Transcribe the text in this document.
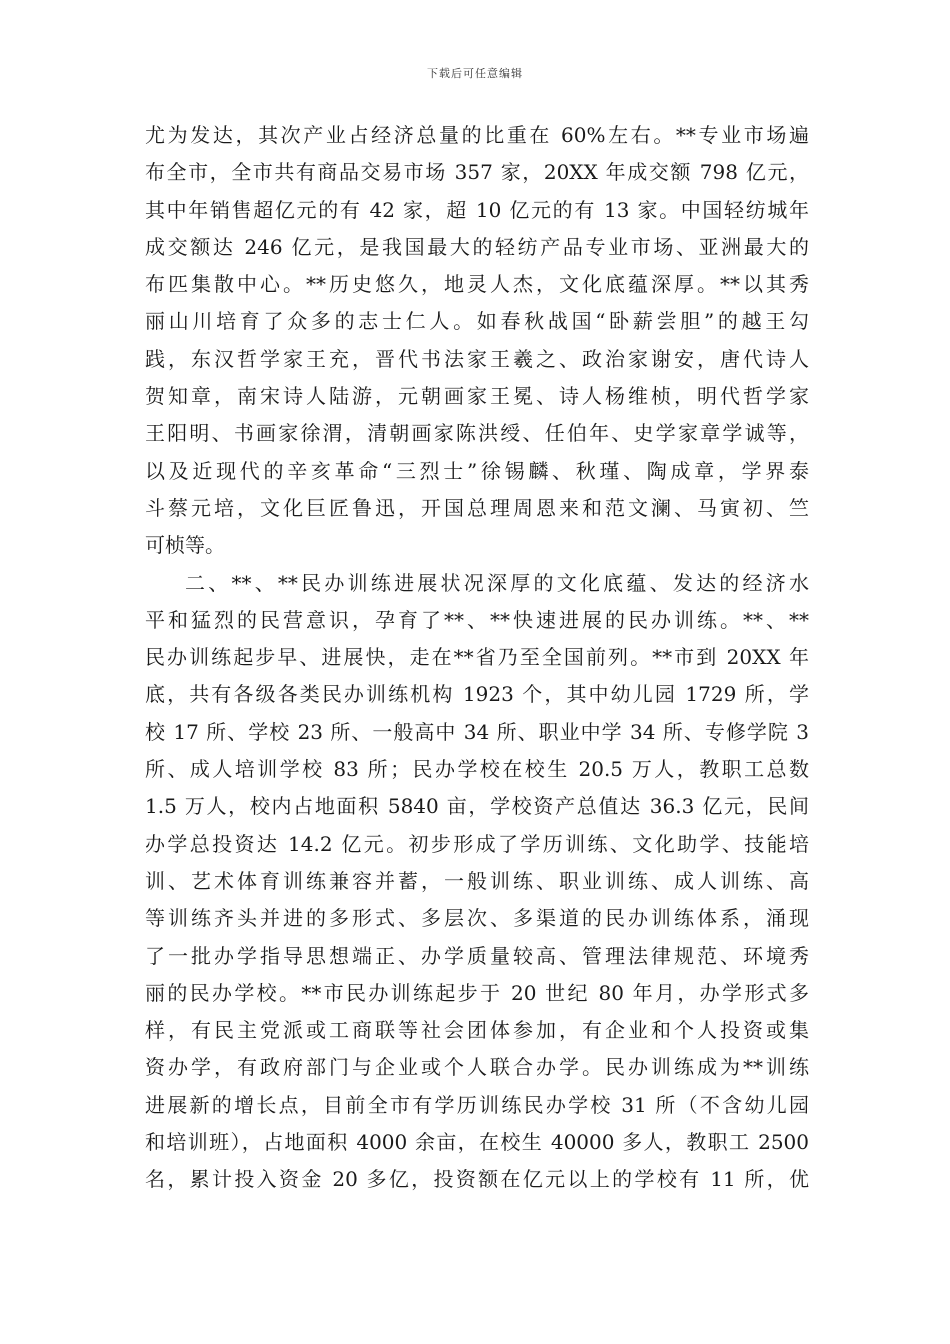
下载后可任意编辑
尤为发达，其次产业占经济总量的比重在 60%左右。**专业市场遍
布全市，全市共有商品交易市场 357 家，20XX 年成交额 798 亿元，
其中年销售超亿元的有 42 家，超 10 亿元的有 13 家。中国轻纺城年
成交额达 246 亿元，是我国最大的轻纺产品专业市场、亚洲最大的
布匹集散中心。**历史悠久，地灵人杰，文化底蕴深厚。**以其秀
丽山川培育了众多的志士仁人。如春秋战国“卧薪尝胆”的越王勾
践，东汉哲学家王充，晋代书法家王羲之、政治家谢安，唐代诗人
贺知章，南宋诗人陆游，元朝画家王冕、诗人杨维桢，明代哲学家
王阳明、书画家徐渭，清朝画家陈洪绶、任伯年、史学家章学诚等，
以及近现代的辛亥革命“三烈士”徐锡麟、秋瑾、陶成章，学界泰
斗蔡元培，文化巨匠鲁迅，开国总理周恩来和范文澜、马寅初、竺
可桢等。
二、**、**民办训练进展状况深厚的文化底蕴、发达的经济水
平和猛烈的民营意识，孕育了**、**快速进展的民办训练。**、**
民办训练起步早、进展快，走在**省乃至全国前列。**市到 20XX 年
底，共有各级各类民办训练机构 1923 个，其中幼儿园 1729 所，学
校 17 所、学校 23 所、一般高中 34 所、职业中学 34 所、专修学院 3
所、成人培训学校 83 所；民办学校在校生 20.5 万人，教职工总数
1.5 万人，校内占地面积 5840 亩，学校资产总值达 36.3 亿元，民间
办学总投资达 14.2 亿元。初步形成了学历训练、文化助学、技能培
训、艺术体育训练兼容并蓄，一般训练、职业训练、成人训练、高
等训练齐头并进的多形式、多层次、多渠道的民办训练体系，涌现
了一批办学指导思想端正、办学质量较高、管理法律规范、环境秀
丽的民办学校。**市民办训练起步于 20 世纪 80 年月，办学形式多
样，有民主党派或工商联等社会团体参加，有企业和个人投资或集
资办学，有政府部门与企业或个人联合办学。民办训练成为**训练
进展新的增长点，目前全市有学历训练民办学校 31 所（不含幼儿园
和培训班），占地面积 4000 余亩，在校生 40000 多人，教职工 2500
名，累计投入资金 20 多亿，投资额在亿元以上的学校有 11 所，优
